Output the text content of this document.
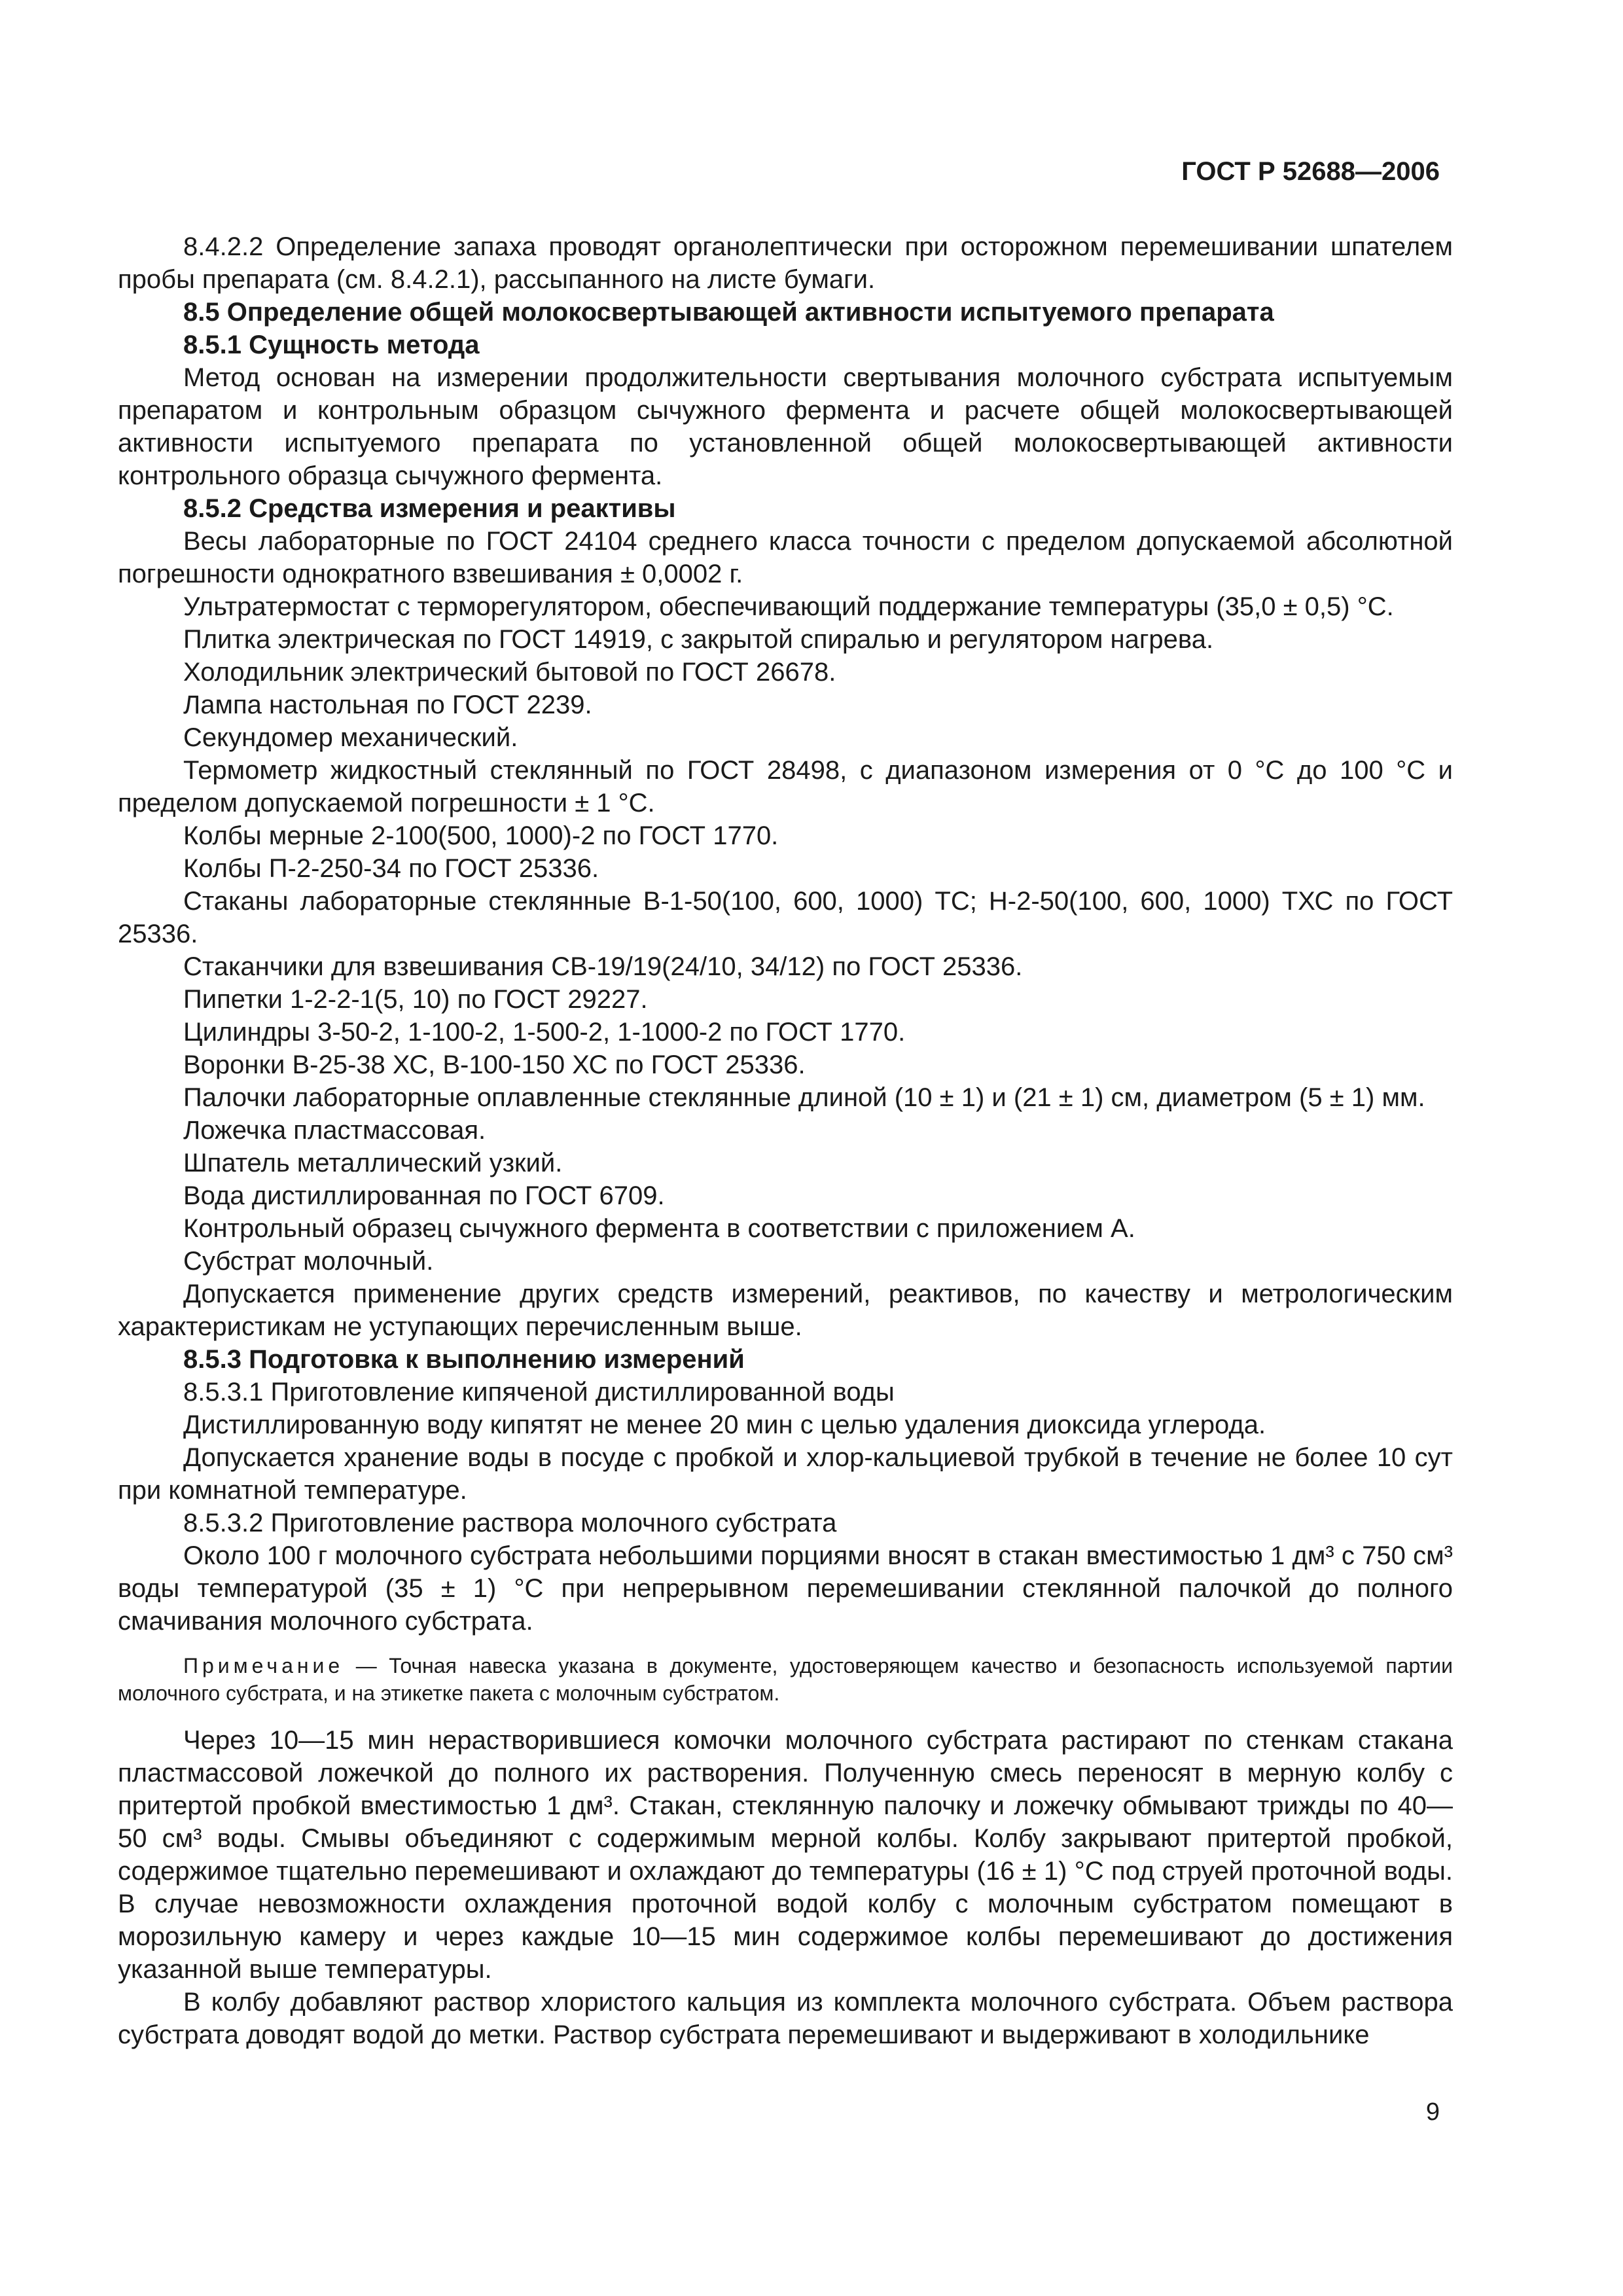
ГОСТ Р 52688—2006

8.4.2.2 Определение запаха проводят органолептически при осторожном перемешивании шпателем пробы препарата (см. 8.4.2.1), рассыпанного на листе бумаги.

8.5 Определение общей молокосвертывающей активности испытуемого препарата

8.5.1 Сущность метода

Метод основан на измерении продолжительности свертывания молочного субстрата испытуемым препаратом и контрольным образцом сычужного фермента и расчете общей молокосвертывающей активности испытуемого препарата по установленной общей молокосвертывающей активности контрольного образца сычужного фермента.

8.5.2 Средства измерения и реактивы

Весы лабораторные по ГОСТ 24104 среднего класса точности с пределом допускаемой абсолютной погрешности однократного взвешивания ± 0,0002 г.

Ультратермостат с терморегулятором, обеспечивающий поддержание температуры (35,0 ± 0,5) °С.

Плитка электрическая по ГОСТ 14919, с закрытой спиралью и регулятором нагрева.

Холодильник электрический бытовой по ГОСТ 26678.

Лампа настольная по ГОСТ 2239.

Секундомер механический.

Термометр жидкостный стеклянный по ГОСТ 28498, с диапазоном измерения от 0 °С до 100 °С и пределом допускаемой погрешности ± 1 °С.

Колбы мерные 2-100(500, 1000)-2 по ГОСТ 1770.

Колбы П-2-250-34 по ГОСТ 25336.

Стаканы лабораторные стеклянные В-1-50(100, 600, 1000) ТС; Н-2-50(100, 600, 1000) ТХС по ГОСТ 25336.

Стаканчики для взвешивания СВ-19/19(24/10, 34/12) по ГОСТ 25336.

Пипетки 1-2-2-1(5, 10) по ГОСТ 29227.

Цилиндры 3-50-2, 1-100-2, 1-500-2, 1-1000-2 по ГОСТ 1770.

Воронки В-25-38 ХС, В-100-150 ХС по ГОСТ 25336.

Палочки лабораторные оплавленные стеклянные длиной (10 ± 1) и (21 ± 1) см, диаметром (5 ± 1) мм.

Ложечка пластмассовая.

Шпатель металлический узкий.

Вода дистиллированная по ГОСТ 6709.

Контрольный образец сычужного фермента в соответствии с приложением А.

Субстрат молочный.

Допускается применение других средств измерений, реактивов, по качеству и метрологическим характеристикам не уступающих перечисленным выше.

8.5.3 Подготовка к выполнению измерений

8.5.3.1 Приготовление кипяченой дистиллированной воды

Дистиллированную воду кипятят не менее 20 мин с целью удаления диоксида углерода.

Допускается хранение воды в посуде с пробкой и хлор-кальциевой трубкой в течение не более 10 сут при комнатной температуре.

8.5.3.2 Приготовление раствора молочного субстрата

Около 100 г молочного субстрата небольшими порциями вносят в стакан вместимостью 1 дм³ с 750 см³ воды температурой (35 ± 1) °С при непрерывном перемешивании стеклянной палочкой до полного смачивания молочного субстрата.

Примечание — Точная навеска указана в документе, удостоверяющем качество и безопасность используемой партии молочного субстрата, и на этикетке пакета с молочным субстратом.

Через 10—15 мин нерастворившиеся комочки молочного субстрата растирают по стенкам стакана пластмассовой ложечкой до полного их растворения. Полученную смесь переносят в мерную колбу с притертой пробкой вместимостью 1 дм³. Стакан, стеклянную палочку и ложечку обмывают трижды по 40—50 см³ воды. Смывы объединяют с содержимым мерной колбы. Колбу закрывают притертой пробкой, содержимое тщательно перемешивают и охлаждают до температуры (16 ± 1) °С под струей проточной воды. В случае невозможности охлаждения проточной водой колбу с молочным субстратом помещают в морозильную камеру и через каждые 10—15 мин содержимое колбы перемешивают до достижения указанной выше температуры.

В колбу добавляют раствор хлористого кальция из комплекта молочного субстрата. Объем раствора субстрата доводят водой до метки. Раствор субстрата перемешивают и выдерживают в холодильнике

9
